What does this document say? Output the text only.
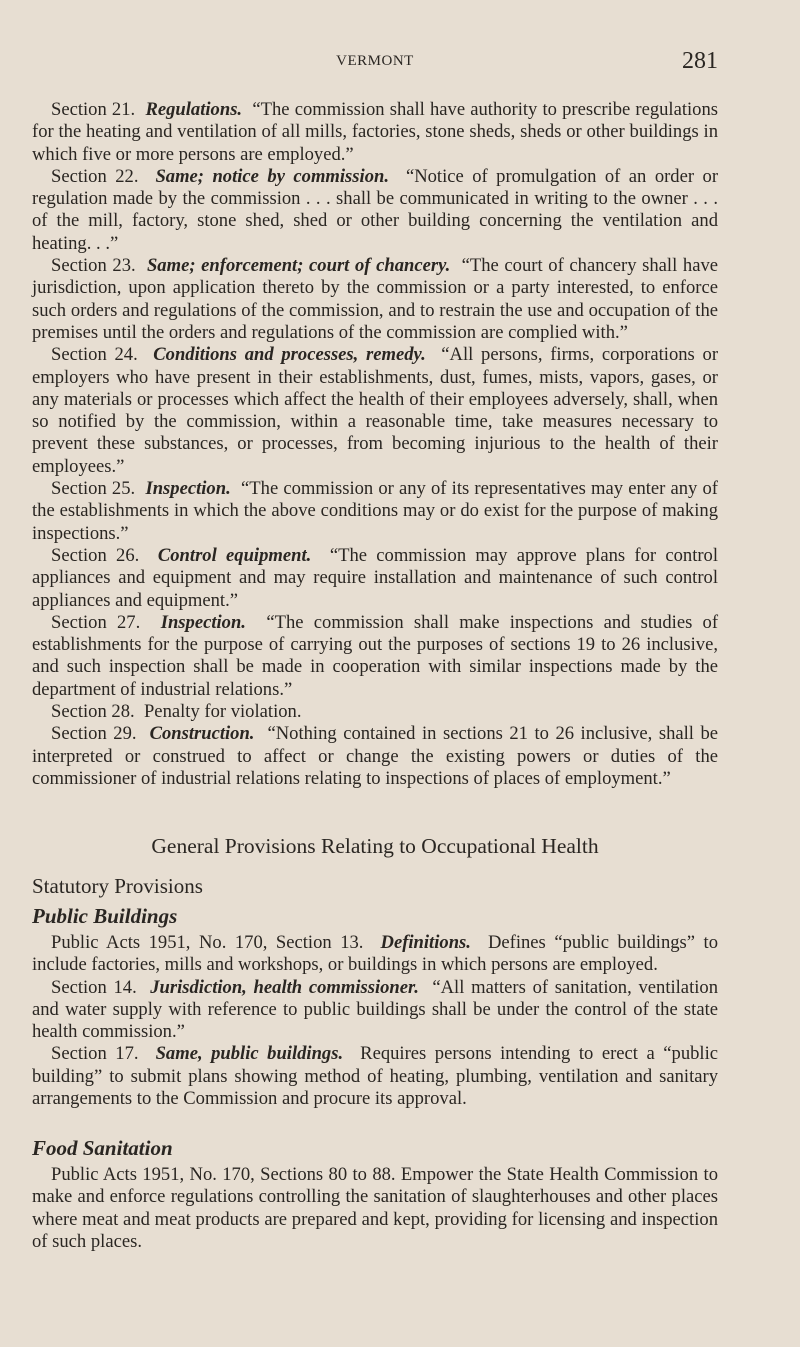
VERMONT	281

Section 21. Regulations. “The commission shall have authority to prescribe regulations for the heating and ventilation of all mills, factories, stone sheds, sheds or other buildings in which five or more persons are employed.”

Section 22. Same; notice by commission. “Notice of promulgation of an order or regulation made by the commission . . . shall be communicated in writing to the owner . . . of the mill, factory, stone shed, shed or other building concerning the ventilation and heating. . .”

Section 23. Same; enforcement; court of chancery. “The court of chancery shall have jurisdiction, upon application thereto by the commission or a party interested, to enforce such orders and regulations of the commission, and to restrain the use and occupation of the premises until the orders and regulations of the commission are complied with.”

Section 24. Conditions and processes, remedy. “All persons, firms, corporations or employers who have present in their establishments, dust, fumes, mists, vapors, gases, or any materials or processes which affect the health of their employees adversely, shall, when so notified by the commission, within a reasonable time, take measures necessary to prevent these substances, or processes, from becoming injurious to the health of their employees.”

Section 25. Inspection. “The commission or any of its representatives may enter any of the establishments in which the above conditions may or do exist for the purpose of making inspections.”

Section 26. Control equipment. “The commission may approve plans for control appliances and equipment and may require installation and maintenance of such control appliances and equipment.”

Section 27. Inspection. “The commission shall make inspections and studies of establishments for the purpose of carrying out the purposes of sections 19 to 26 inclusive, and such inspection shall be made in cooperation with similar inspections made by the department of industrial relations.”

Section 28. Penalty for violation.

Section 29. Construction. “Nothing contained in sections 21 to 26 inclusive, shall be interpreted or construed to affect or change the existing powers or duties of the commissioner of industrial relations relating to inspections of places of employment.”

General Provisions Relating to Occupational Health
Statutory Provisions
Public Buildings

Public Acts 1951, No. 170, Section 13. Definitions. Defines “public buildings” to include factories, mills and workshops, or buildings in which persons are employed.

Section 14. Jurisdiction, health commissioner. “All matters of sanitation, ventilation and water supply with reference to public buildings shall be under the control of the state health commission.”

Section 17. Same, public buildings. Requires persons intending to erect a “public building” to submit plans showing method of heating, plumbing, ventilation and sanitary arrangements to the Commission and procure its approval.

Food Sanitation

Public Acts 1951, No. 170, Sections 80 to 88. Empower the State Health Commission to make and enforce regulations controlling the sanitation of slaughterhouses and other places where meat and meat products are prepared and kept, providing for licensing and inspection of such places.
